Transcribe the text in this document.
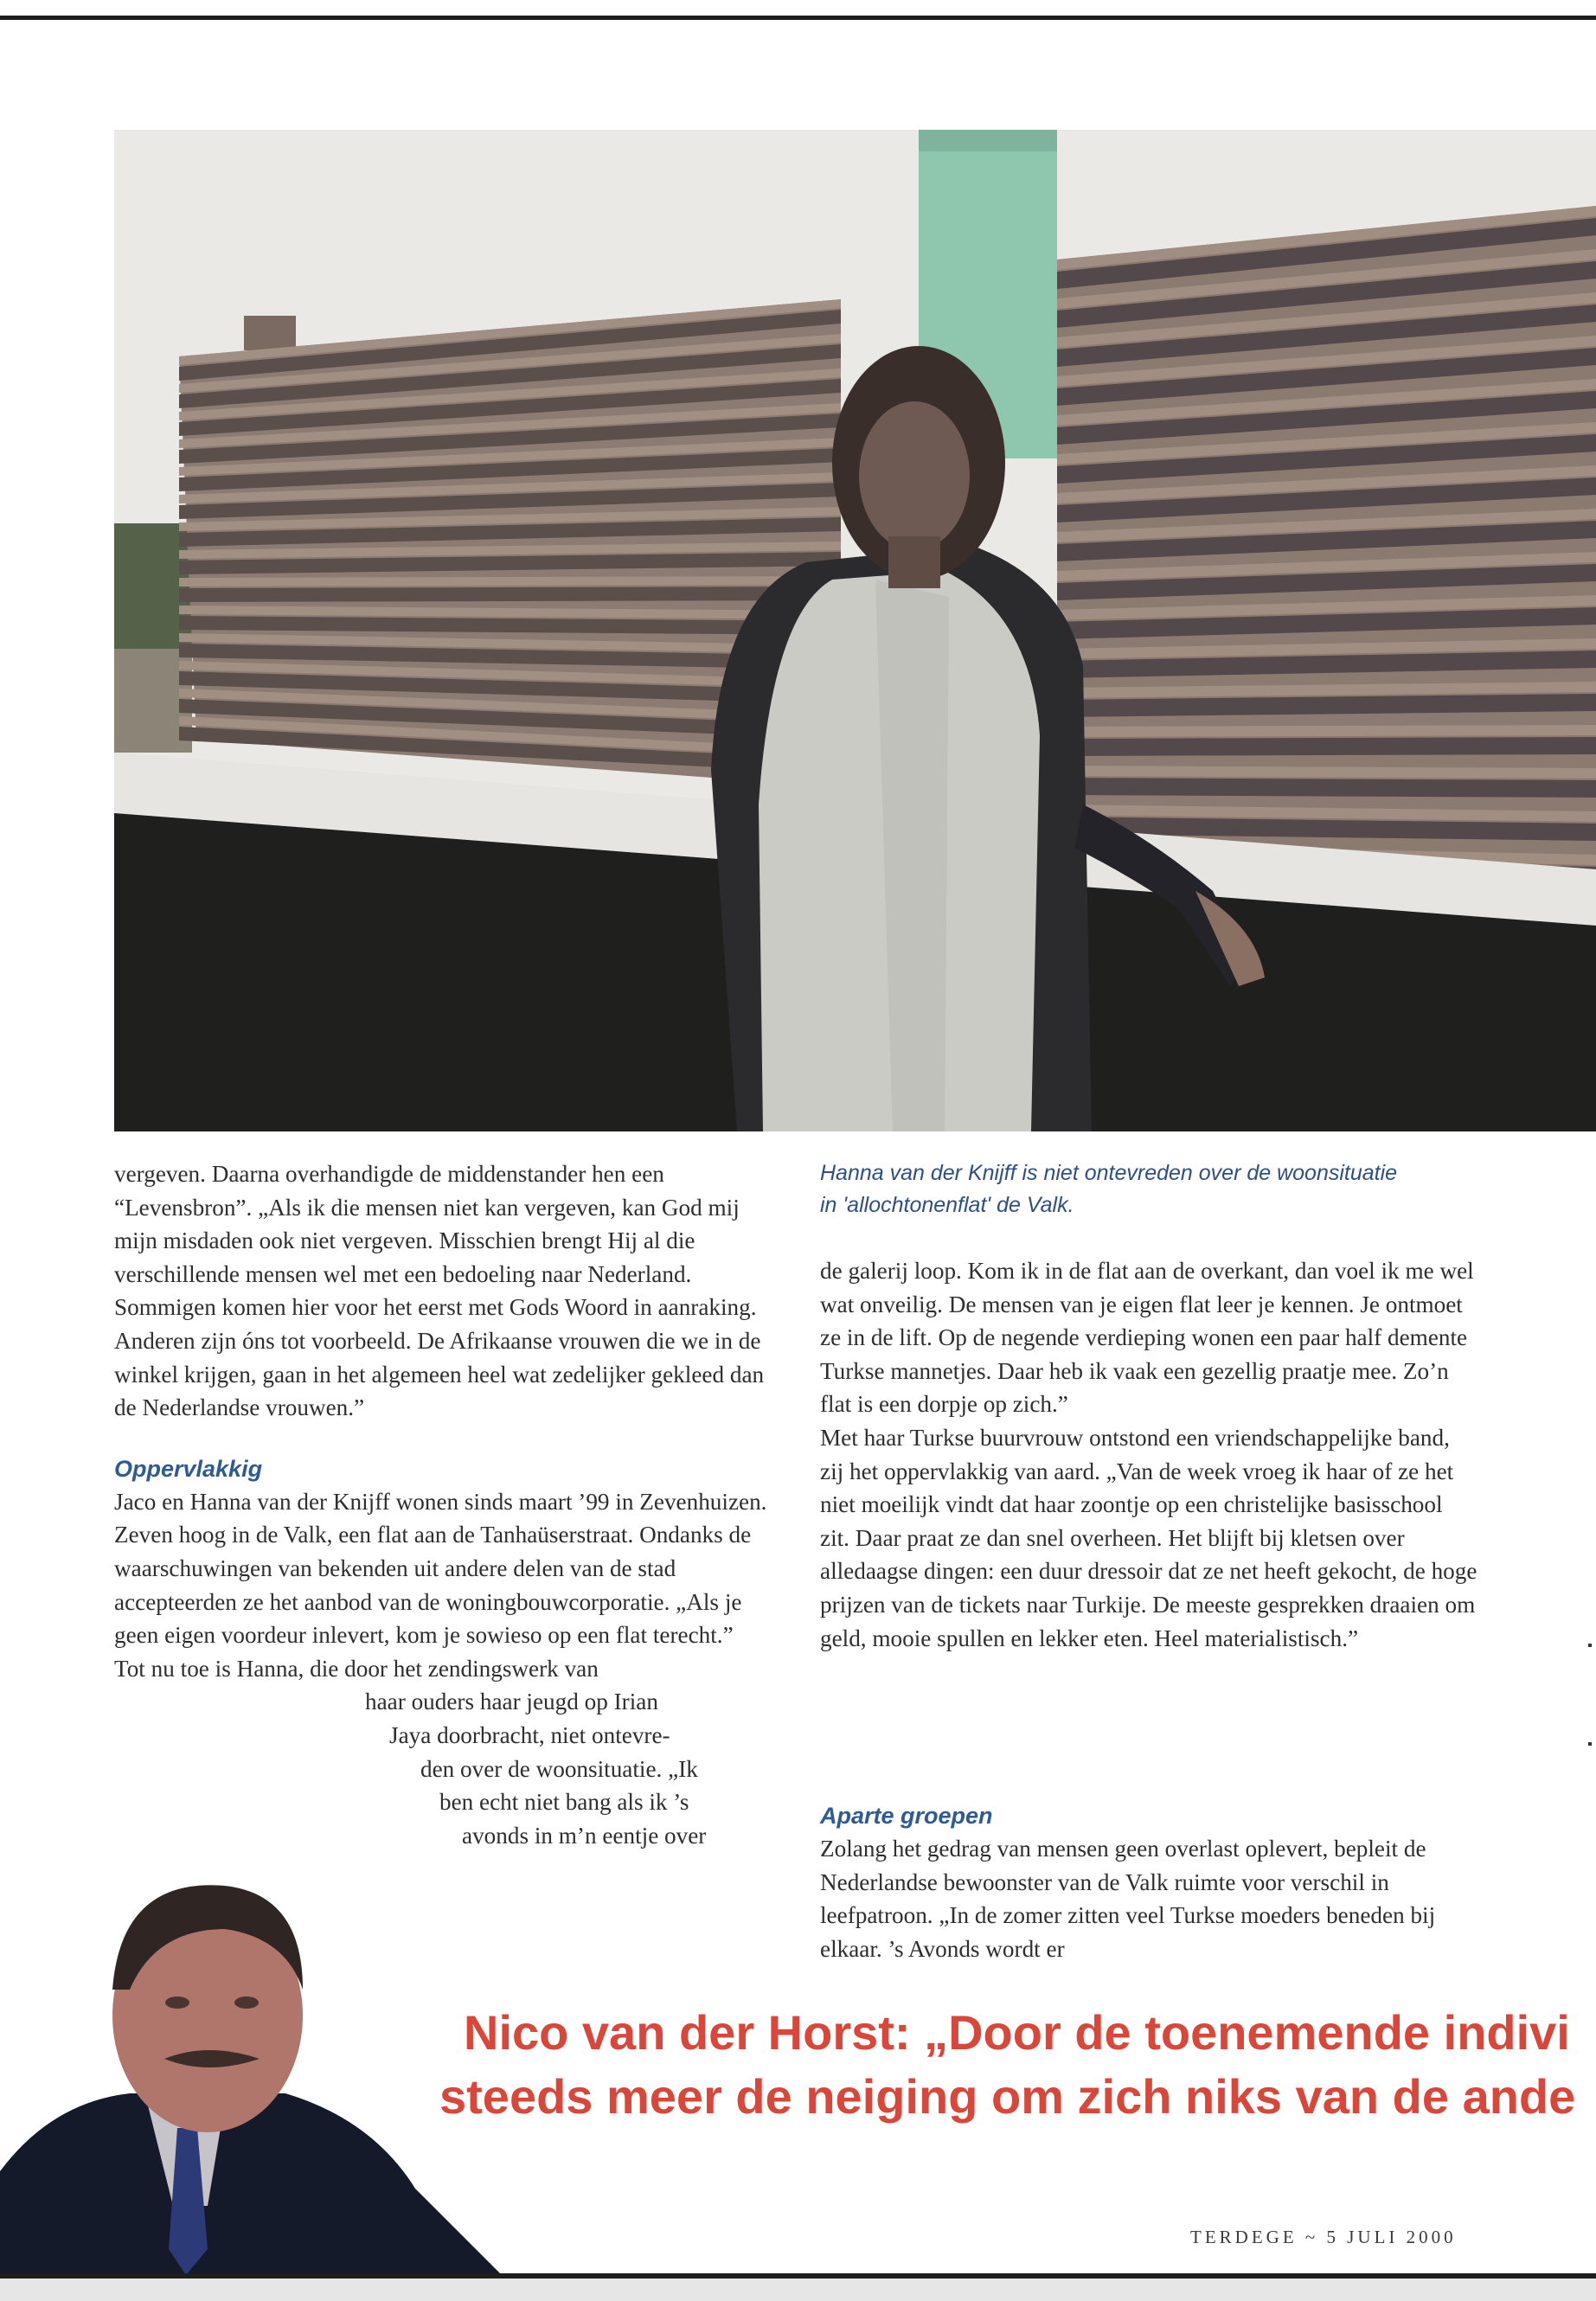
vergeven. Daarna overhandigde de middenstander hen een “Levensbron”. „Als ik die mensen niet kan vergeven, kan God mij mijn misdaden ook niet vergeven. Misschien brengt Hij al die verschillende mensen wel met een bedoeling naar Nederland. Sommigen komen hier voor het eerst met Gods Woord in aanraking. Anderen zijn óns tot voorbeeld. De Afrikaanse vrouwen die we in de winkel krijgen, gaan in het algemeen heel wat zedelijker gekleed dan de Nederlandse vrouwen.”

Oppervlakkig

Jaco en Hanna van der Knijff wonen sinds maart ’99 in Zevenhuizen. Zeven hoog in de Valk, een flat aan de Tanhaüserstraat. Ondanks de waarschuwingen van bekenden uit andere delen van de stad accepteerden ze het aanbod van de woningbouwcorporatie. „Als je geen eigen voordeur inlevert, kom je sowieso op een flat terecht.”

Tot nu toe is Hanna, die door het zendingswerk van
haar ouders haar jeugd op Irian
Jaya doorbracht, niet ontevre-
den over de woonsituatie. „Ik
ben echt niet bang als ik ’s
avonds in m’n eentje over

Hanna van der Knijff is niet ontevreden over de woonsituatie
in 'allochtonenflat' de Valk.

de galerij loop. Kom ik in de flat aan de overkant, dan voel ik me wel wat onveilig. De mensen van je eigen flat leer je kennen. Je ontmoet ze in de lift. Op de negende verdieping wonen een paar half demente Turkse mannetjes. Daar heb ik vaak een gezellig praatje mee. Zo’n flat is een dorpje op zich.”

Met haar Turkse buurvrouw ontstond een vriendschappelijke band, zij het oppervlakkig van aard. „Van de week vroeg ik haar of ze het niet moeilijk vindt dat haar zoontje op een christelijke basisschool zit. Daar praat ze dan snel overheen. Het blijft bij kletsen over alledaagse dingen: een duur dressoir dat ze net heeft gekocht, de hoge prijzen van de tickets naar Turkije. De meeste gesprekken draaien om geld, mooie spullen en lekker eten. Heel materialistisch.”

Aparte groepen

Zolang het gedrag van mensen geen overlast oplevert, bepleit de Nederlandse bewoonster van de Valk ruimte voor verschil in leefpatroon. „In de zomer zitten veel Turkse moeders beneden bij elkaar. ’s Avonds wordt er

Nico van der Horst: „Door de toenemende indivi
steeds meer de neiging om zich niks van de ande
TERDEGE ~ 5 JULI 2000
